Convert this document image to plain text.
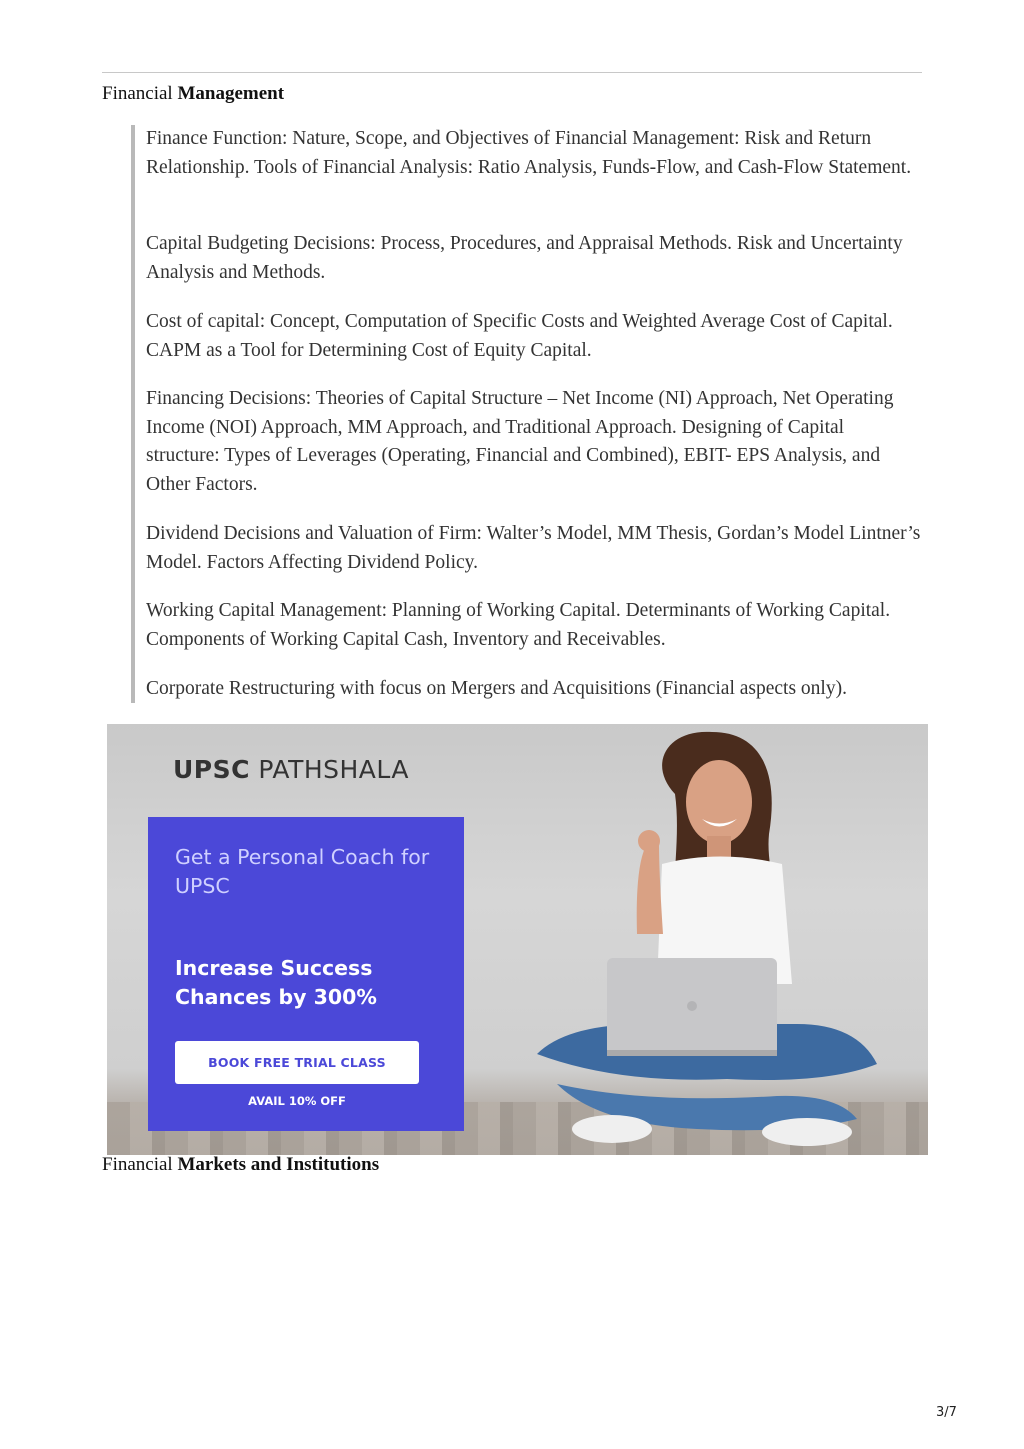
Financial Management

Finance Function: Nature, Scope, and Objectives of Financial Management: Risk and Return Relationship. Tools of Financial Analysis: Ratio Analysis, Funds-Flow, and Cash-Flow Statement.

Capital Budgeting Decisions: Process, Procedures, and Appraisal Methods. Risk and Uncertainty Analysis and Methods.

Cost of capital: Concept, Computation of Specific Costs and Weighted Average Cost of Capital. CAPM as a Tool for Determining Cost of Equity Capital.

Financing Decisions: Theories of Capital Structure – Net Income (NI) Approach, Net Operating Income (NOI) Approach, MM Approach, and Traditional Approach. Designing of Capital structure: Types of Leverages (Operating, Financial and Combined), EBIT- EPS Analysis, and Other Factors.

Dividend Decisions and Valuation of Firm: Walter’s Model, MM Thesis, Gordan’s Model Lintner’s Model. Factors Affecting Dividend Policy.

Working Capital Management: Planning of Working Capital. Determinants of Working Capital. Components of Working Capital Cash, Inventory and Receivables.

Corporate Restructuring with focus on Mergers and Acquisitions (Financial aspects only).

UPSC PATHSHALA
Get a Personal Coach for UPSC
Increase Success Chances by 300%
BOOK FREE TRIAL CLASS
AVAIL 10% OFF
Financial Markets and Institutions
3/7
